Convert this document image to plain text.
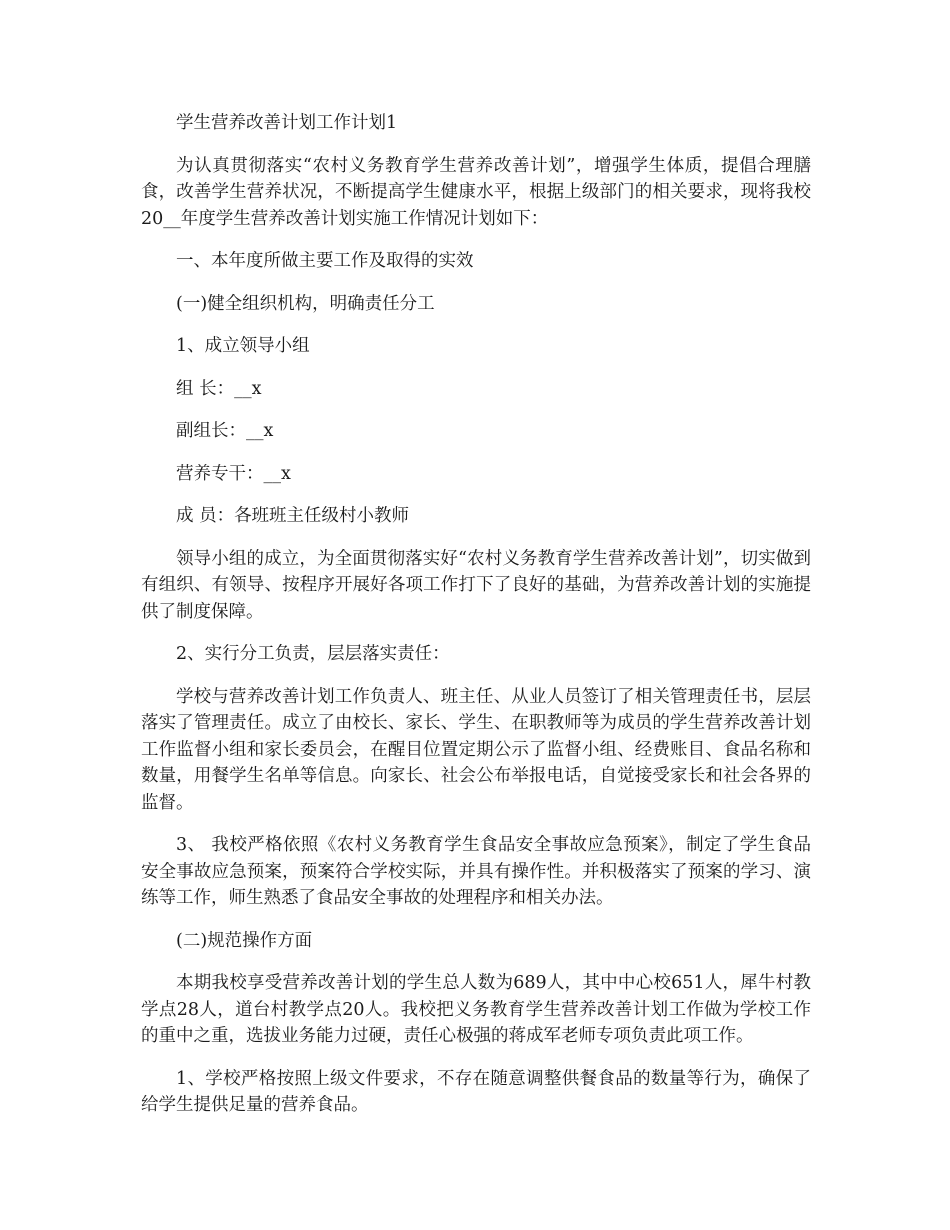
学生营养改善计划工作计划1

为认真贯彻落实“农村义务教育学生营养改善计划”，增强学生体质，提倡合理膳食，改善学生营养状况，不断提高学生健康水平，根据上级部门的相关要求，现将我校20__年度学生营养改善计划实施工作情况计划如下：

一、本年度所做主要工作及取得的实效

(一)健全组织机构，明确责任分工

1、成立领导小组

组 长：__x

副组长：__x

营养专干：__x

成 员：各班班主任级村小教师

领导小组的成立，为全面贯彻落实好“农村义务教育学生营养改善计划”，切实做到有组织、有领导、按程序开展好各项工作打下了良好的基础，为营养改善计划的实施提供了制度保障。

2、实行分工负责，层层落实责任：

学校与营养改善计划工作负责人、班主任、从业人员签订了相关管理责任书，层层落实了管理责任。成立了由校长、家长、学生、在职教师等为成员的学生营养改善计划工作监督小组和家长委员会，在醒目位置定期公示了监督小组、经费账目、食品名称和数量，用餐学生名单等信息。向家长、社会公布举报电话，自觉接受家长和社会各界的监督。

3、 我校严格依照《农村义务教育学生食品安全事故应急预案》，制定了学生食品安全事故应急预案，预案符合学校实际，并具有操作性。并积极落实了预案的学习、演练等工作，师生熟悉了食品安全事故的处理程序和相关办法。

(二)规范操作方面

本期我校享受营养改善计划的学生总人数为689人，其中中心校651人，犀牛村教学点28人，道台村教学点20人。我校把义务教育学生营养改善计划工作做为学校工作的重中之重，选拔业务能力过硬，责任心极强的蒋成军老师专项负责此项工作。

1、学校严格按照上级文件要求，不存在随意调整供餐食品的数量等行为，确保了给学生提供足量的营养食品。
